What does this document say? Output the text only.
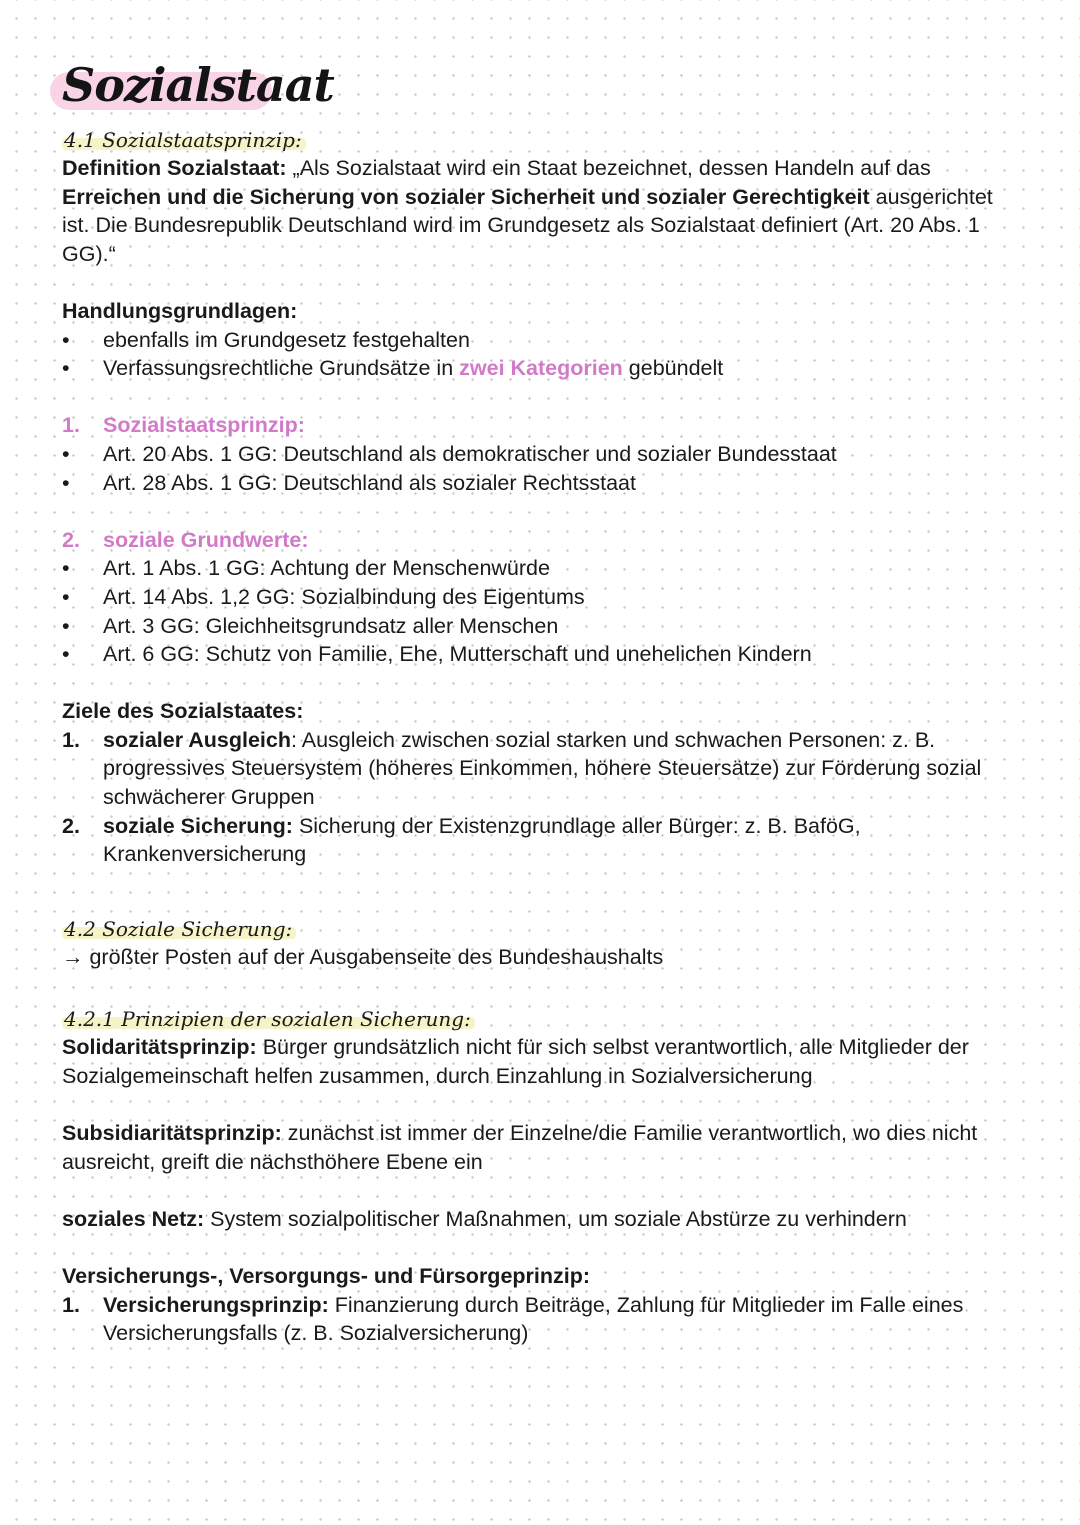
Sozialstaat
4.1 Sozialstaatsprinzip:

Definition Sozialstaat: „Als Sozialstaat wird ein Staat bezeichnet, dessen Handeln auf das Erreichen und die Sicherung von sozialer Sicherheit und sozialer Gerechtigkeit ausgerichtet ist. Die Bundesrepublik Deutschland wird im Grundgesetz als Sozialstaat definiert (Art. 20 Abs. 1 GG).“

Handlungsgrundlagen:

• ebenfalls im Grundgesetz festgehalten
• Verfassungsrechtliche Grundsätze in zwei Kategorien gebündelt
1. Sozialstaatsprinzip:
• Art. 20 Abs. 1 GG: Deutschland als demokratischer und sozialer Bundesstaat
• Art. 28 Abs. 1 GG: Deutschland als sozialer Rechtsstaat
2. soziale Grundwerte:
• Art. 1 Abs. 1 GG: Achtung der Menschenwürde
• Art. 14 Abs. 1,2 GG: Sozialbindung des Eigentums
• Art. 3 GG: Gleichheitsgrundsatz aller Menschen
• Art. 6 GG: Schutz von Familie, Ehe, Mutterschaft und unehelichen Kindern

Ziele des Sozialstaates:

1. sozialer Ausgleich: Ausgleich zwischen sozial starken und schwachen Personen: z. B. progressives Steuersystem (höheres Einkommen, höhere Steuersätze) zur Förderung sozial schwächerer Gruppen
2. soziale Sicherung: Sicherung der Existenzgrundlage aller Bürger: z. B. BaföG, Krankenversicherung
4.2 Soziale Sicherung:

→ größter Posten auf der Ausgabenseite des Bundeshaushalts

4.2.1 Prinzipien der sozialen Sicherung:

Solidaritätsprinzip: Bürger grundsätzlich nicht für sich selbst verantwortlich, alle Mitglieder der Sozialgemeinschaft helfen zusammen, durch Einzahlung in Sozialversicherung

Subsidiaritätsprinzip: zunächst ist immer der Einzelne/die Familie verantwortlich, wo dies nicht ausreicht, greift die nächsthöhere Ebene ein

soziales Netz: System sozialpolitischer Maßnahmen, um soziale Abstürze zu verhindern

Versicherungs-, Versorgungs- und Fürsorgeprinzip:

1. Versicherungsprinzip: Finanzierung durch Beiträge, Zahlung für Mitglieder im Falle eines Versicherungsfalls (z. B. Sozialversicherung)
